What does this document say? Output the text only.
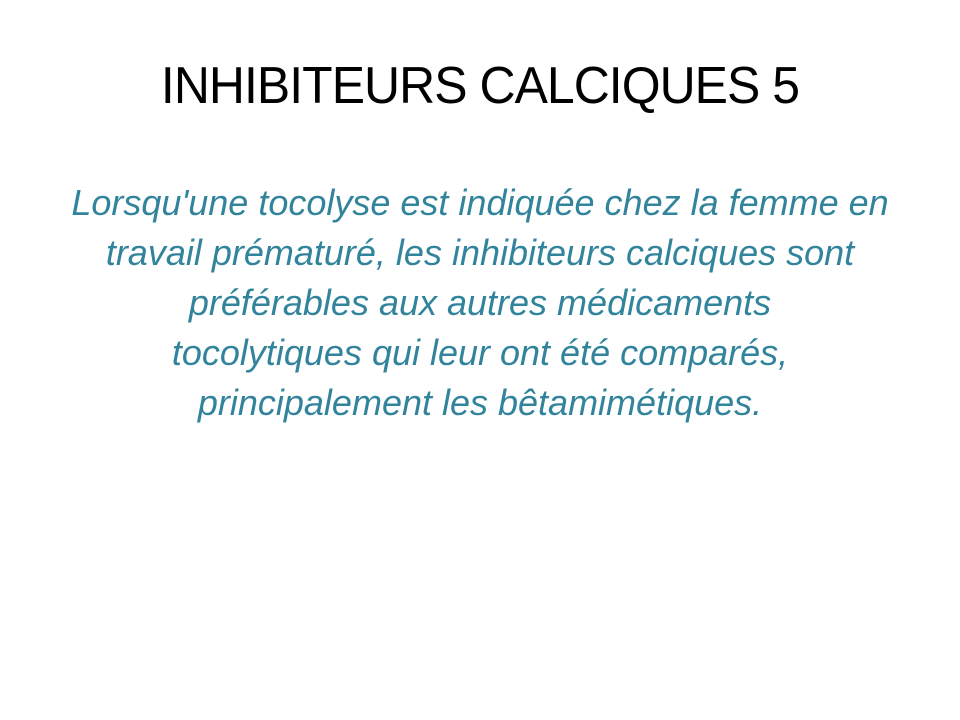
INHIBITEURS CALCIQUES 5
Lorsqu'une tocolyse est indiquée chez la femme en
travail prématuré, les inhibiteurs calciques sont
préférables aux autres médicaments
tocolytiques qui leur ont été comparés,
principalement les bêtamimétiques.
